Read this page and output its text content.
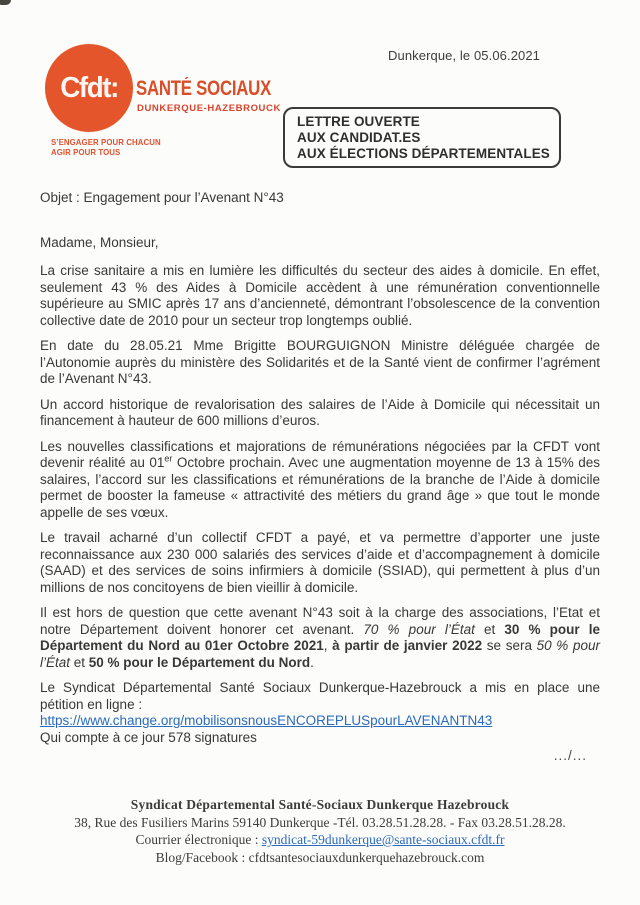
Dunkerque, le 05.06.2021
Cfdt: SANTÉ SOCIAUX
DUNKERQUE-HAZEBROUCK
S’ENGAGER POUR CHACUN
AGIR POUR TOUS
LETTRE OUVERTE
AUX CANDIDAT.ES
AUX ÉLECTIONS DÉPARTEMENTALES

Objet : Engagement pour l’Avenant N°43

Madame, Monsieur,

La crise sanitaire a mis en lumière les difficultés du secteur des aides à domicile. En effet, seulement 43 % des Aides à Domicile accèdent à une rémunération conventionnelle supérieure au SMIC après 17 ans d’ancienneté, démontrant l’obsolescence de la convention collective date de 2010 pour un secteur trop longtemps oublié.

En date du 28.05.21 Mme Brigitte BOURGUIGNON Ministre déléguée chargée de l’Autonomie auprès du ministère des Solidarités et de la Santé vient de confirmer l’agrément de l’Avenant N°43.

Un accord historique de revalorisation des salaires de l’Aide à Domicile qui nécessitait un financement à hauteur de 600 millions d’euros.

Les nouvelles classifications et majorations de rémunérations négociées par la CFDT vont devenir réalité au 01er Octobre prochain. Avec une augmentation moyenne de 13 à 15% des salaires, l’accord sur les classifications et rémunérations de la branche de l’Aide à domicile permet de booster la fameuse « attractivité des métiers du grand âge » que tout le monde appelle de ses vœux.

Le travail acharné d’un collectif CFDT a payé, et va permettre d’apporter une juste reconnaissance aux 230 000 salariés des services d’aide et d’accompagnement à domicile (SAAD) et des services de soins infirmiers à domicile (SSIAD), qui permettent à plus d’un millions de nos concitoyens de bien vieillir à domicile.

Il est hors de question que cette avenant N°43 soit à la charge des associations, l’Etat et notre Département doivent honorer cet avenant. 70 % pour l’État et 30 % pour le Département du Nord au 01er Octobre 2021, à partir de janvier 2022 se sera 50 % pour l’État et 50 % pour le Département du Nord.

Le Syndicat Départemental Santé Sociaux Dunkerque-Hazebrouck a mis en place une pétition en ligne :

https://www.change.org/mobilisonsnousENCOREPLUSpourLAVENANTN43

Qui compte à ce jour 578 signatures

.../...

Syndicat Départemental Santé-Sociaux Dunkerque Hazebrouck
38, Rue des Fusiliers Marins 59140 Dunkerque -Tél. 03.28.51.28.28. - Fax 03.28.51.28.28.
Courrier électronique : syndicat-59dunkerque@sante-sociaux.cfdt.fr
Blog/Facebook : cfdtsantesociauxdunkerquehazebrouck.com
